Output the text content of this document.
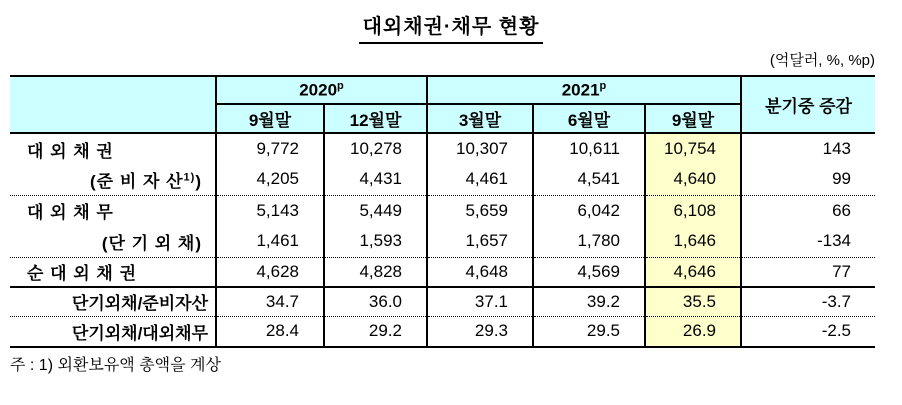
대외채권·채무 현황
(억달러, %, %p)
	2020$^p$		2021$^p$			분기중 증감
	9월말	12월말	3월말	6월말	9월말	
대 외 채 권	9,772	10,278	10,307	10,611	10,754	143
(준 비 자 산$^{1)}$)	4,205	4,431	4,461	4,541	4,640	99
대 외 채 무	5,143	5,449	5,659	6,042	6,108	66
(단 기 외 채)	1,461	1,593	1,657	1,780	1,646	-134
순 대 외 채 권	4,628	4,828	4,648	4,569	4,646	77
단기외채/준비자산	34.7	36.0	37.1	39.2	35.5	-3.7
단기외채/대외채무	28.4	29.2	29.3	29.5	26.9	-2.5
주 : 1) 외환보유액 총액을 계상
